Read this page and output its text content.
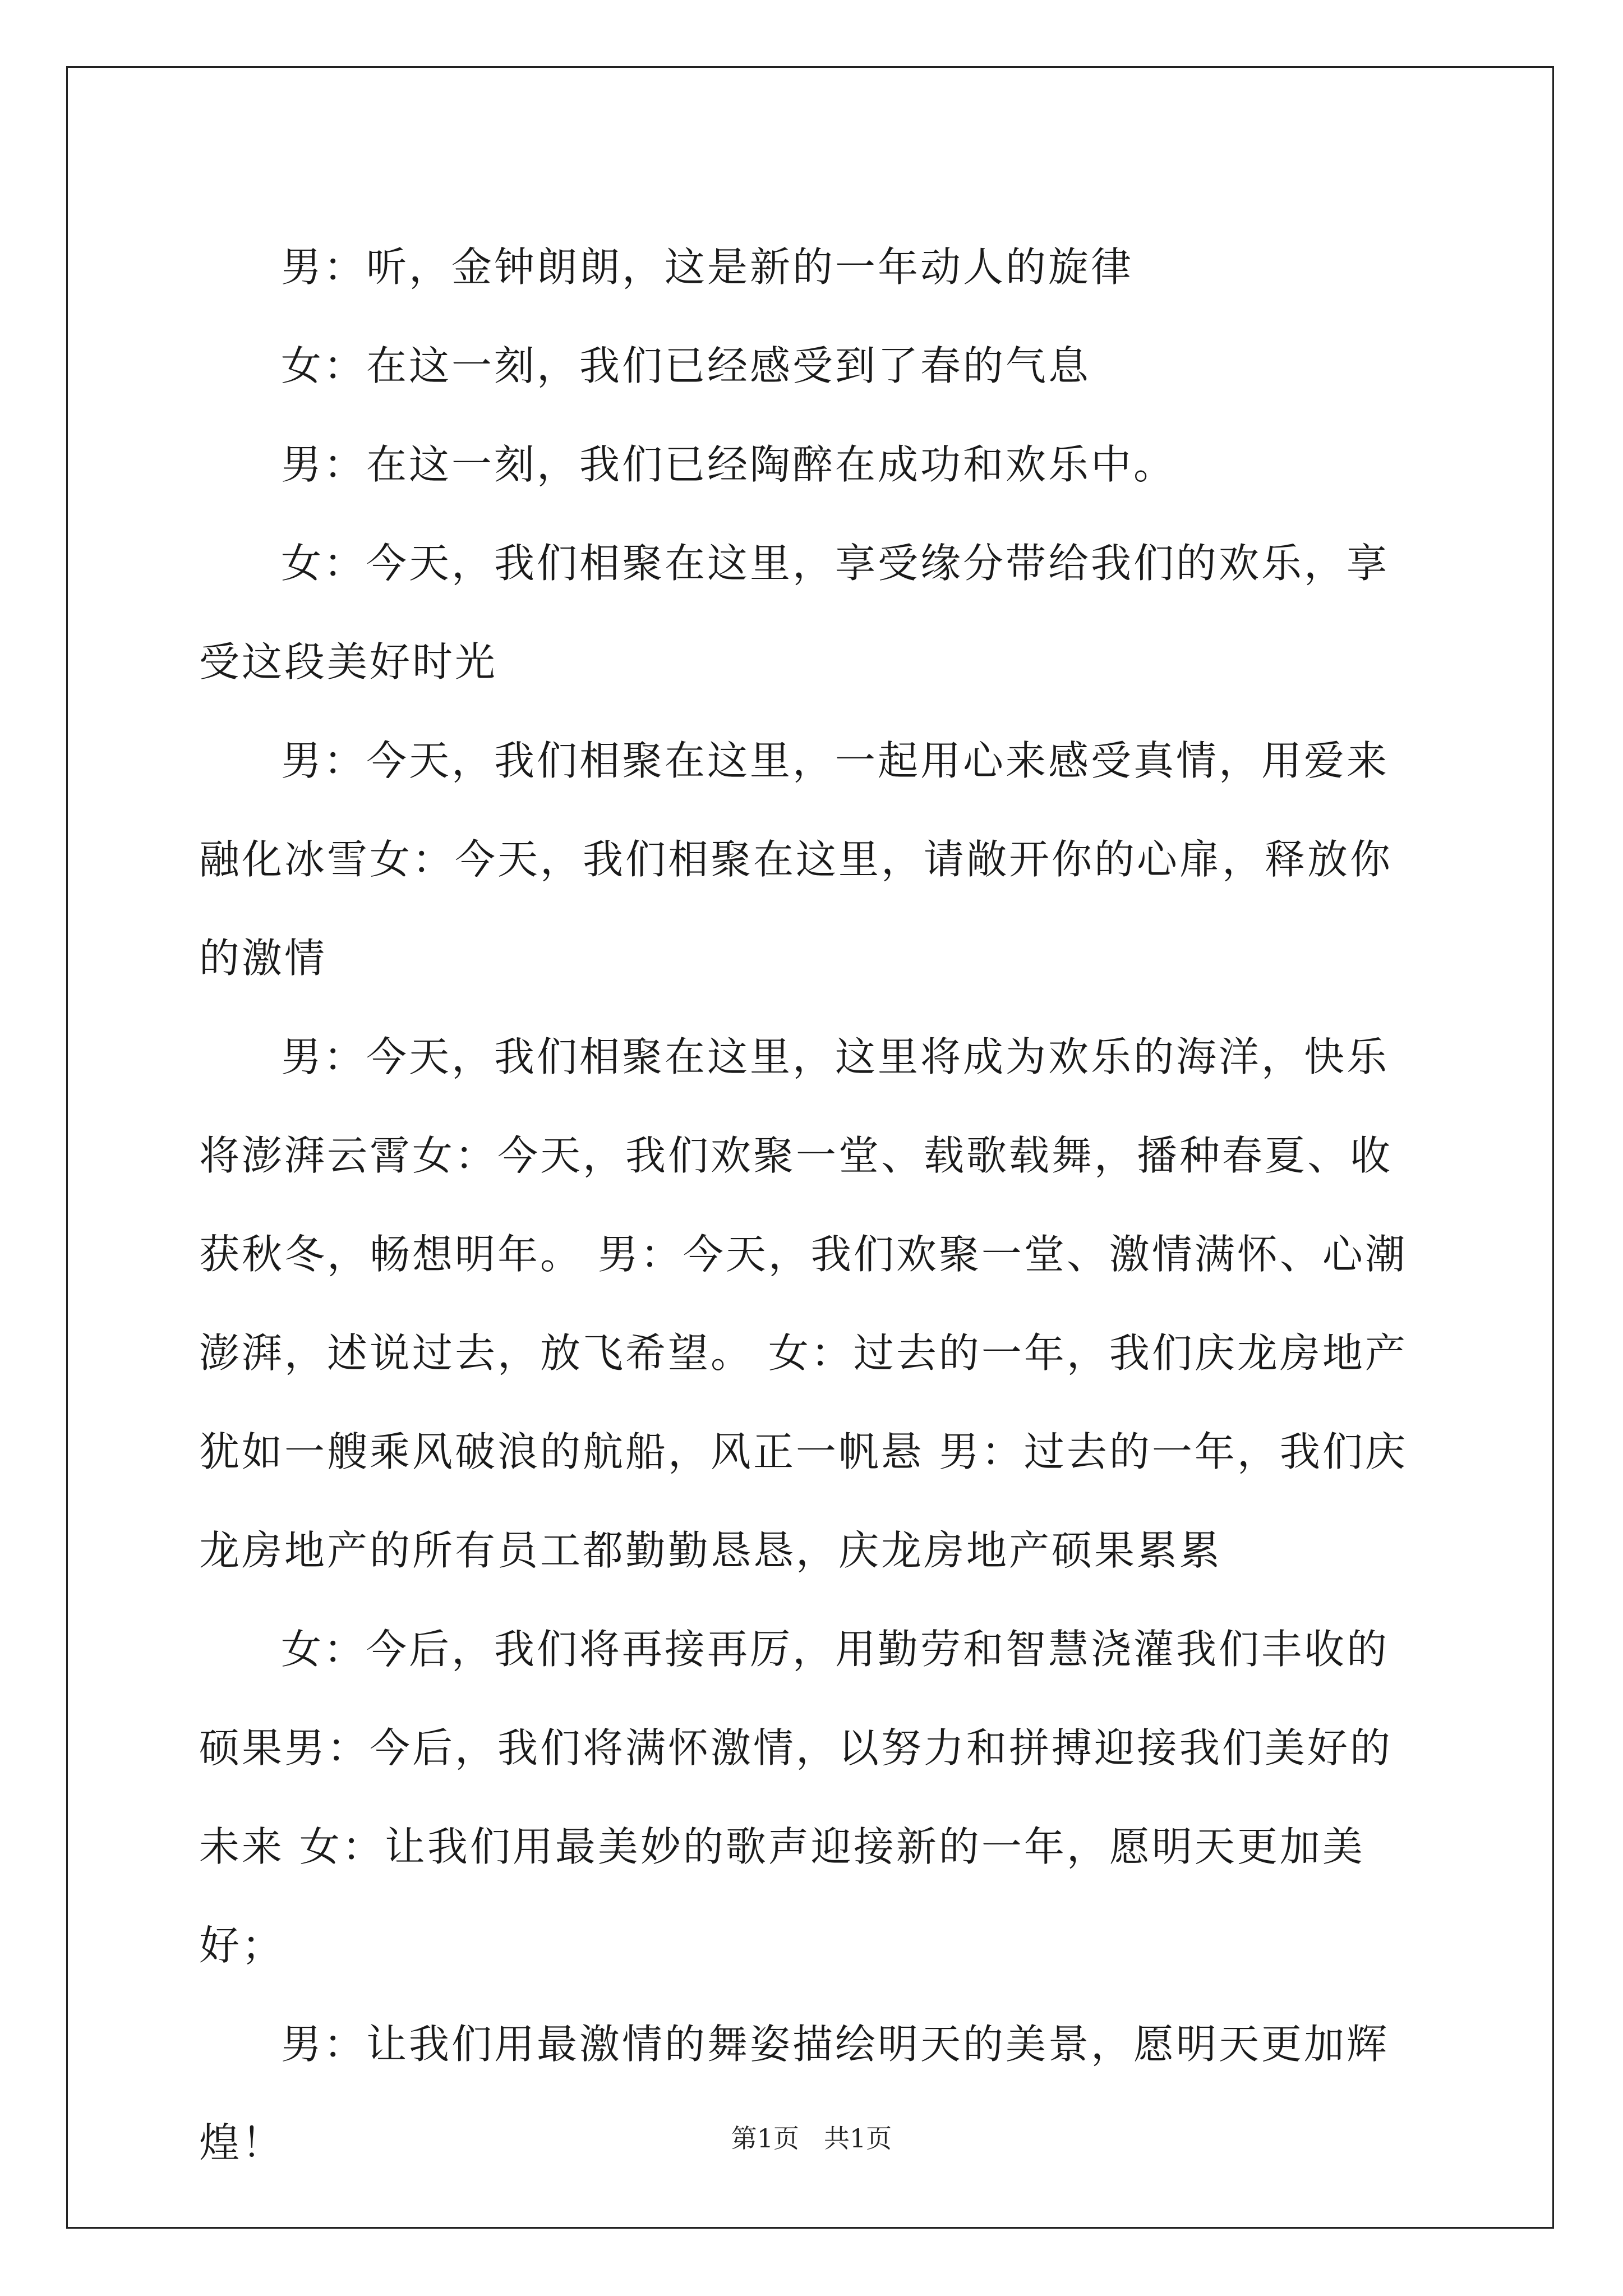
男：听，金钟朗朗，这是新的一年动人的旋律

女：在这一刻，我们已经感受到了春的气息

男：在这一刻，我们已经陶醉在成功和欢乐中。

女：今天，我们相聚在这里，享受缘分带给我们的欢乐，享受这段美好时光

男：今天，我们相聚在这里，一起用心来感受真情，用爱来融化冰雪女：今天，我们相聚在这里，请敞开你的心扉，释放你的激情

男：今天，我们相聚在这里，这里将成为欢乐的海洋，快乐将澎湃云霄女：今天，我们欢聚一堂、载歌载舞，播种春夏、收获秋冬，畅想明年。 男：今天，我们欢聚一堂、激情满怀、心潮澎湃，述说过去，放飞希望。 女：过去的一年，我们庆龙房地产犹如一艘乘风破浪的航船，风正一帆悬 男：过去的一年，我们庆龙房地产的所有员工都勤勤恳恳，庆龙房地产硕果累累

女：今后，我们将再接再厉，用勤劳和智慧浇灌我们丰收的硕果男：今后，我们将满怀激情，以努力和拼搏迎接我们美好的未来 女：让我们用最美妙的歌声迎接新的一年，愿明天更加美好；

男：让我们用最激情的舞姿描绘明天的美景，愿明天更加辉煌！	第1页 共1页
